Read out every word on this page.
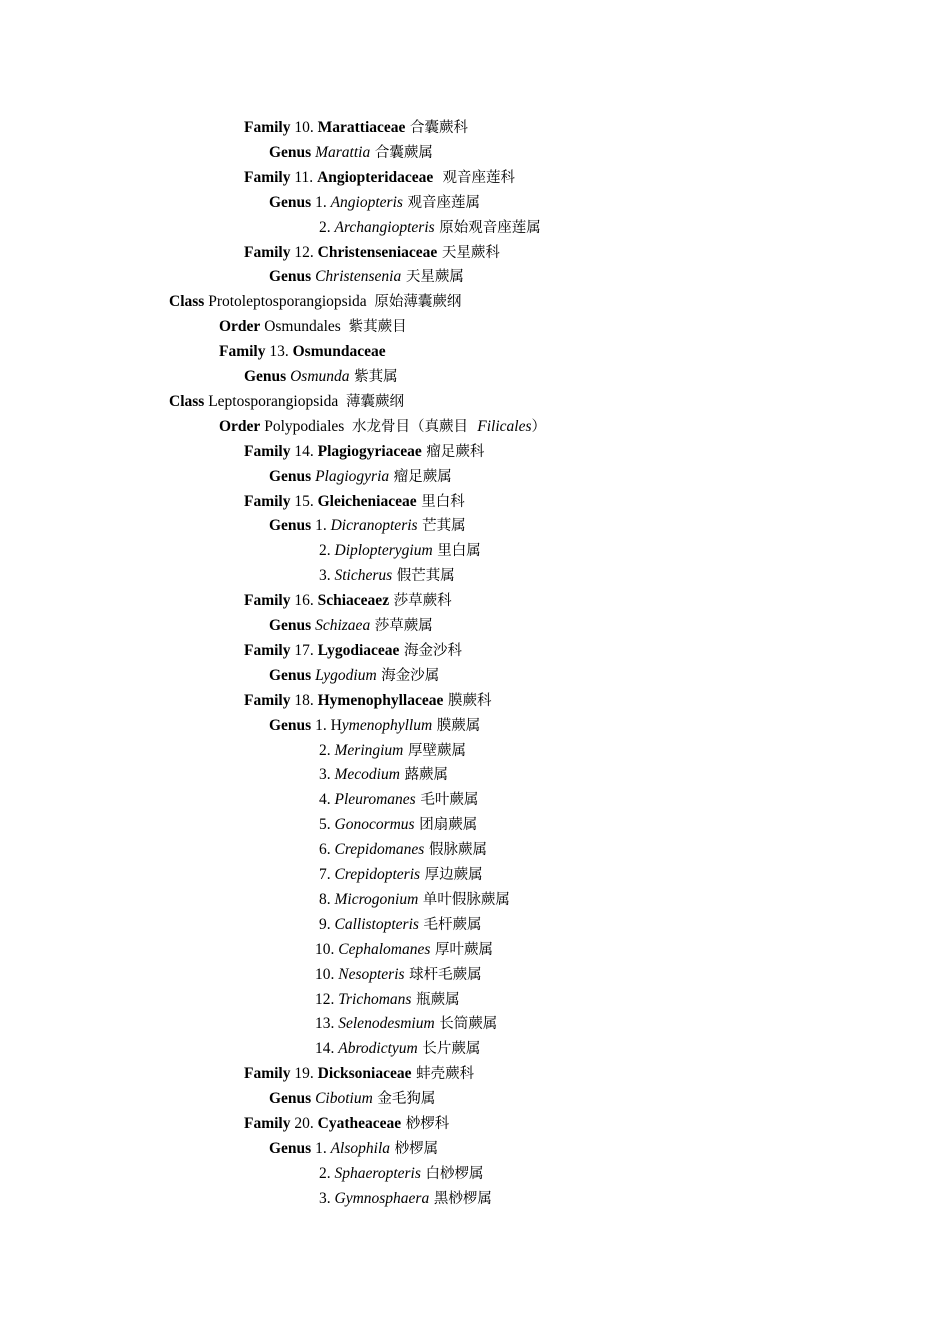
Family 10. Marattiaceae 合囊蕨科
Genus Marattia 合囊蕨属
Family 11. Angiopteridaceae  观音座莲科
Genus 1. Angiopteris 观音座莲属
2. Archangiopteris 原始观音座莲属
Family 12. Christenseniaceae 天星蕨科
Genus Christensenia 天星蕨属
Class Protoleptosporangiopsida  原始薄囊蕨纲
Order Osmundales  紫萁蕨目
Family 13. Osmundaceae
Genus Osmunda 紫萁属
Class Leptosporangiopsida  薄囊蕨纲
Order Polypodiales  水龙骨目（真蕨目  Filicales）
Family 14. Plagiogyriaceae 瘤足蕨科
Genus Plagiogyria 瘤足蕨属
Family 15. Gleicheniaceae 里白科
Genus 1. Dicranopteris 芒萁属
2. Diplopterygium 里白属
3. Sticherus 假芒萁属
Family 16. Schiaceaez 莎草蕨科
Genus Schizaea 莎草蕨属
Family 17. Lygodiaceae 海金沙科
Genus Lygodium 海金沙属
Family 18. Hymenophyllaceae 膜蕨科
Genus 1. Hymenophyllum 膜蕨属
2. Meringium 厚壁蕨属
3. Mecodium 蕗蕨属
4. Pleuromanes 毛叶蕨属
5. Gonocormus 团扇蕨属
6. Crepidomanes 假脉蕨属
7. Crepidopteris 厚边蕨属
8. Microgonium 单叶假脉蕨属
9. Callistopteris 毛杆蕨属
10. Cephalomanes 厚叶蕨属
10. Nesopteris 球杆毛蕨属
12. Trichomans 瓶蕨属
13. Selenodesmium 长筒蕨属
14. Abrodictyum 长片蕨属
Family 19. Dicksoniaceae 蚌壳蕨科
Genus Cibotium 金毛狗属
Family 20. Cyatheaceae 桫椤科
Genus 1. Alsophila 桫椤属
2. Sphaeropteris 白桫椤属
3. Gymnosphaera 黑桫椤属
